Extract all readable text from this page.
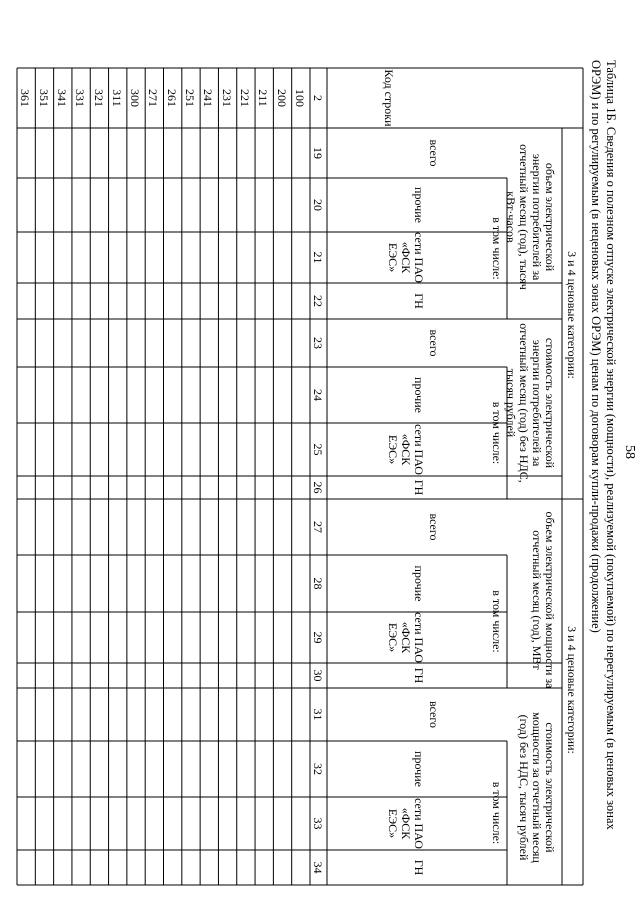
58
Таблица 1Б. Сведения о полезном отпуске электрической энергии (мощности), реализуемой (покупаемой) по нерегулируемым (в ценовых зонах
ОРЭМ) и по регулируемым (в неценовых зонах ОРЭМ) ценам по договорам купли-продажи (продолжение)
Код строки
3 и 4 ценовые категории:
3 и 4 ценовые категории:
объем электрической энергии потребителей за отчетный месяц (год), тысяч кВт·часов
стоимость электрической энергии потребителей за отчетный месяц (год) без НДС, тысяч рублей
объем электрической мощности за отчетный месяц (год), МВт
стоимость электрической мощности за отчетный месяц (год) без НДС, тысяч рублей
всего
прочие
сети ПАО «ФСК ЕЭС»
ГН
всего
прочие
сети ПАО «ФСК ЕЭС»
ГН
всего
прочие
сети ПАО «ФСК ЕЭС»
ГН
всего
прочие
сети ПАО «ФСК ЕЭС»
ГН
в том числе:
в том числе:
в том числе:
в том числе:
2
19
20
21
22
23
24
25
26
27
28
29
30
31
32
33
34
100
200
211
221
231
241
251
261
271
300
311
321
331
341
351
361
